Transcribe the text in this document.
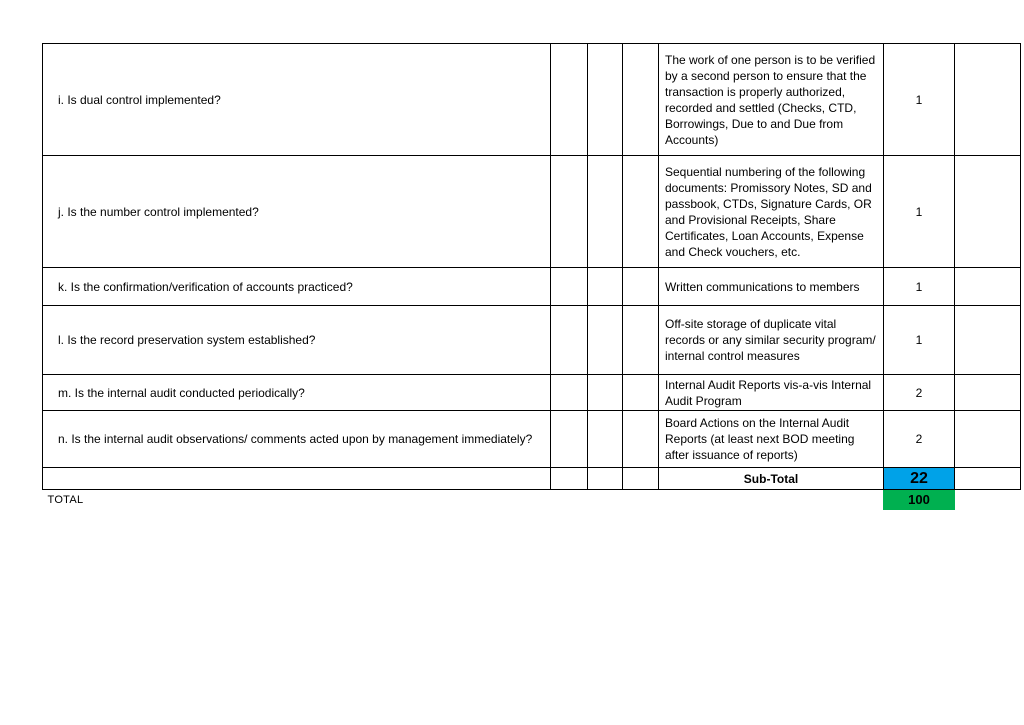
i. Is dual control implemented?				The work of one person is to be verified by a second person to ensure that the transaction is properly authorized, recorded and settled (Checks, CTD, Borrowings, Due to and Due from Accounts)	1	

j. Is the number control implemented?				Sequential numbering of the following documents: Promissory Notes, SD and passbook, CTDs, Signature Cards, OR and Provisional Receipts, Share Certificates, Loan Accounts, Expense and Check vouchers, etc.	1	

k. Is the confirmation/verification of accounts practiced?				Written communications to members	1	

l. Is the record preservation system established?				Off-site storage of duplicate vital records or any similar security program/ internal control measures	1	

m. Is the internal audit conducted periodically?				Internal Audit Reports vis-a-vis Internal Audit Program	2	

n. Is the internal audit observations/ comments acted upon by management immediately?				Board Actions on the Internal Audit Reports (at least next BOD meeting after issuance of reports)	2	
				Sub-Total	22	
TOTAL					100	
